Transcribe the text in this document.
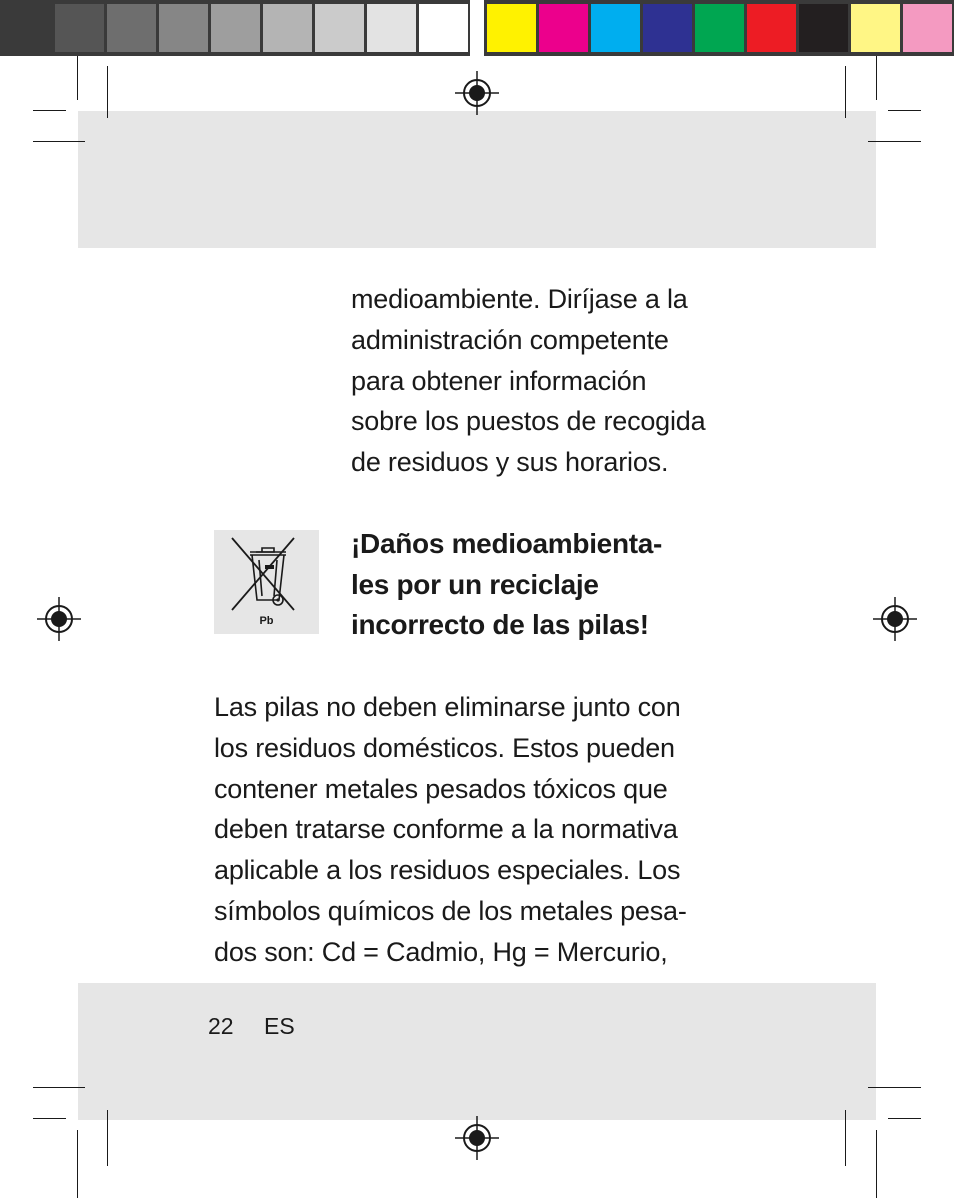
medioambiente. Diríjase a la
administración competente
para obtener información
sobre los puestos de recogida
de residuos y sus horarios.

Pb
¡Daños medioambienta-
les por un reciclaje
incorrecto de las pilas!

Las pilas no deben eliminarse junto con
los residuos domésticos. Estos pueden
contener metales pesados tóxicos que
deben tratarse conforme a la normativa
aplicable a los residuos especiales. Los
símbolos químicos de los metales pesa-
dos son: Cd = Cadmio, Hg = Mercurio,

22 ES
